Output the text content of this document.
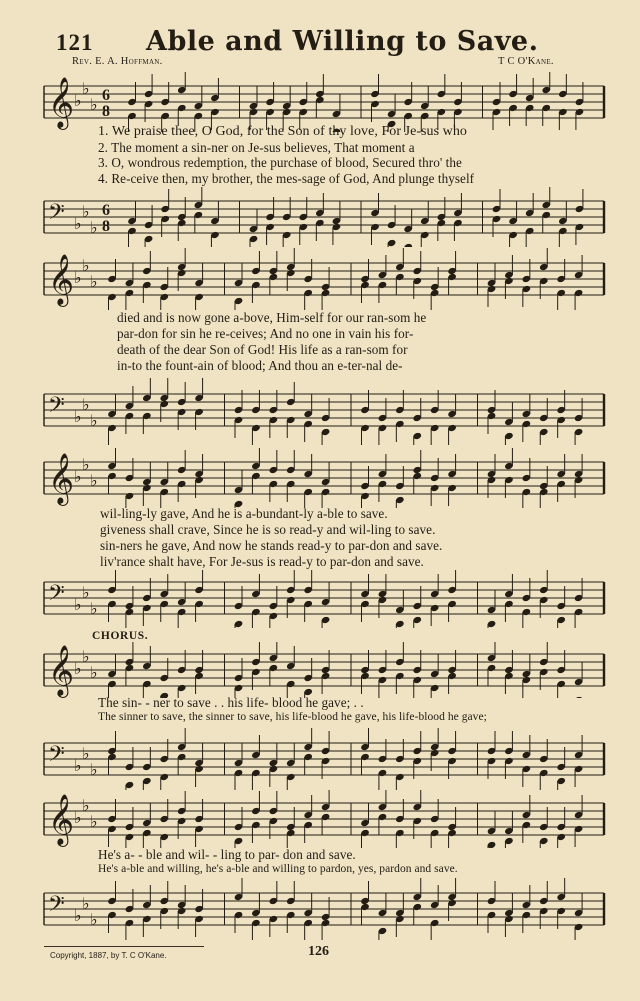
121 Able and Willing to Save.
Rev. E. A. Hoffman.	T C O'Kane.
𝄞 ♭
♭
♭ 6
8
1. We praise thee, O God, for the Son of thy love, For Je-sus who
2. The moment a sin-ner on Je-sus believes, That moment a
3. O, wondrous redemption, the purchase of blood, Secured thro' the
4. Re-ceive then, my brother, the mes-sage of God, And plunge thyself
𝄢 ♭
♭
♭
6
8
𝄞 ♭
♭
♭
died and is now gone a-bove, Him-self for our ran-som he
par-don for sin he re-ceives; And no one in vain his for-
death of the dear Son of God! His life as a ran-som for
in-to the fount-ain of blood; And thou an e-ter-nal de-
𝄢 ♭
♭
♭
𝄞 ♭
♭
♭
wil-ling-ly gave, And he is a-bundant-ly a-ble to save.
giveness shall crave, Since he is so read-y and wil-ling to save.
sin-ners he gave, And now he stands read-y to par-don and save.
liv'rance shalt have, For Je-sus is read-y to par-don and save.
𝄢 ♭
♭
♭
CHORUS.
𝄞 ♭
♭
♭
The sin- - ner to save . . his life- blood he gave; . .
The sinner to save, the sinner to save, his life-blood he gave, his life-blood he gave;
𝄢 ♭
♭
♭
𝄞 ♭
♭
♭
He's a- - ble and wil- - ling to par- don and save.
He's a-ble and willing, he's a-ble and willing to pardon, yes, pardon and save.
𝄢 ♭
♭
♭
Copyright, 1887, by T. C O'Kane.	126
